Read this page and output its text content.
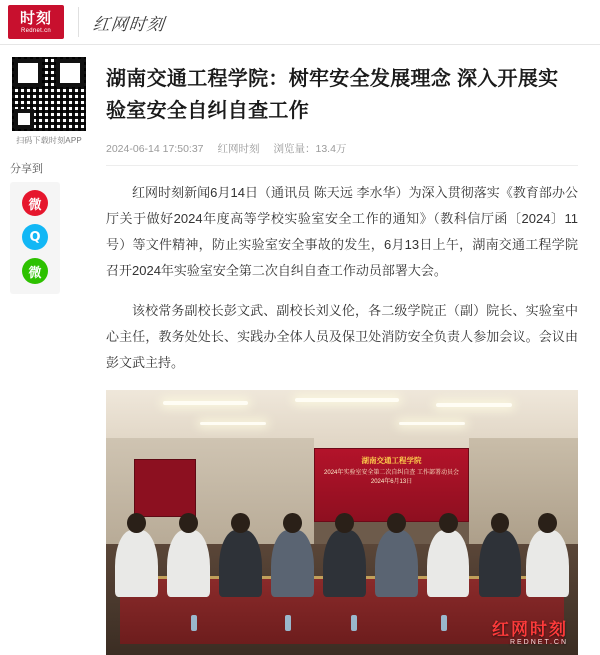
时刻
Rednet.cn 红网时刻
扫码下载时刻APP
分享到
微
Q
微
湖南交通工程学院：树牢安全发展理念 深入开展实验室安全自纠自查工作
2024-06-14 17:50:37 红网时刻 浏览量：13.4万

红网时刻新闻6月14日（通讯员 陈天远 李水华）为深入贯彻落实《教育部办公厅关于做好2024年度高等学校实验室安全工作的通知》（教科信厅函〔2024〕11号）等文件精神，防止实验室安全事故的发生，6月13日上午，湖南交通工程学院召开2024年实验室安全第二次自纠自查工作动员部署大会。

该校常务副校长彭文武、副校长刘义伦，各二级学院正（副）院长、实验室中心主任，教务处处长、实践办全体人员及保卫处消防安全负责人参加会议。会议由彭文武主持。

湖南交通工程学院
2024年实验室安全第二次自纠自查 工作部署动员会
2024年6月13日
红网时刻
REDNET.CN
